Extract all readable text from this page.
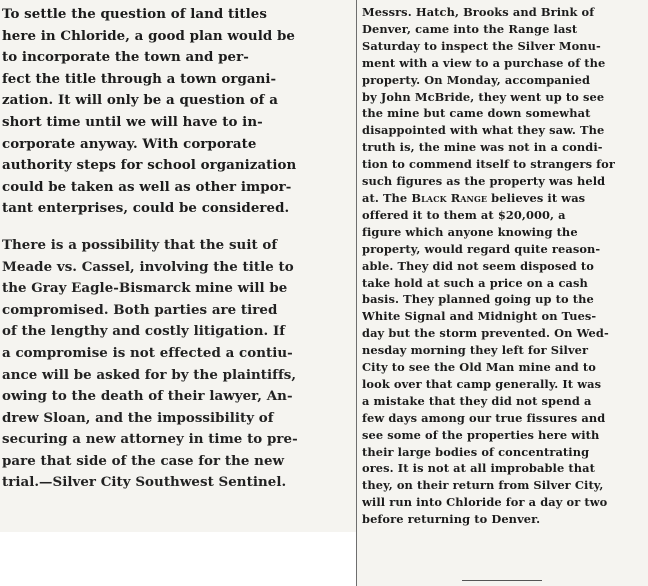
To settle the question of land titles
here in Chloride, a good plan would be
to incorporate the town and per-
fect the title through a town organi-
zation. It will only be a question of a
short time until we will have to in-
corporate anyway. With corporate
authority steps for school organization
could be taken as well as other impor-
tant enterprises, could be considered.
There is a possibility that the suit of
Meade vs. Cassel, involving the title to
the Gray Eagle-Bismarck mine will be
compromised. Both parties are tired
of the lengthy and costly litigation. If
a compromise is not effected a contiu-
ance will be asked for by the plaintiffs,
owing to the death of their lawyer, An-
drew Sloan, and the impossibility of
securing a new attorney in time to pre-
pare that side of the case for the new
trial.—Silver City Southwest Sentinel.
Messrs. Hatch, Brooks and Brink of
Denver, came into the Range last
Saturday to inspect the Silver Monu-
ment with a view to a purchase of the
property. On Monday, accompanied
by John McBride, they went up to see
the mine but came down somewhat
disappointed with what they saw. The
truth is, the mine was not in a condi-
tion to commend itself to strangers for
such figures as the property was held
at. The Black Range believes it was
offered it to them at $20,000, a
figure which anyone knowing the
property, would regard quite reason-
able. They did not seem disposed to
take hold at such a price on a cash
basis. They planned going up to the
White Signal and Midnight on Tues-
day but the storm prevented. On Wed-
nesday morning they left for Silver
City to see the Old Man mine and to
look over that camp generally. It was
a mistake that they did not spend a
few days among our true fissures and
see some of the properties here with
their large bodies of concentrating
ores. It is not at all improbable that
they, on their return from Silver City,
will run into Chloride for a day or two
before returning to Denver.
